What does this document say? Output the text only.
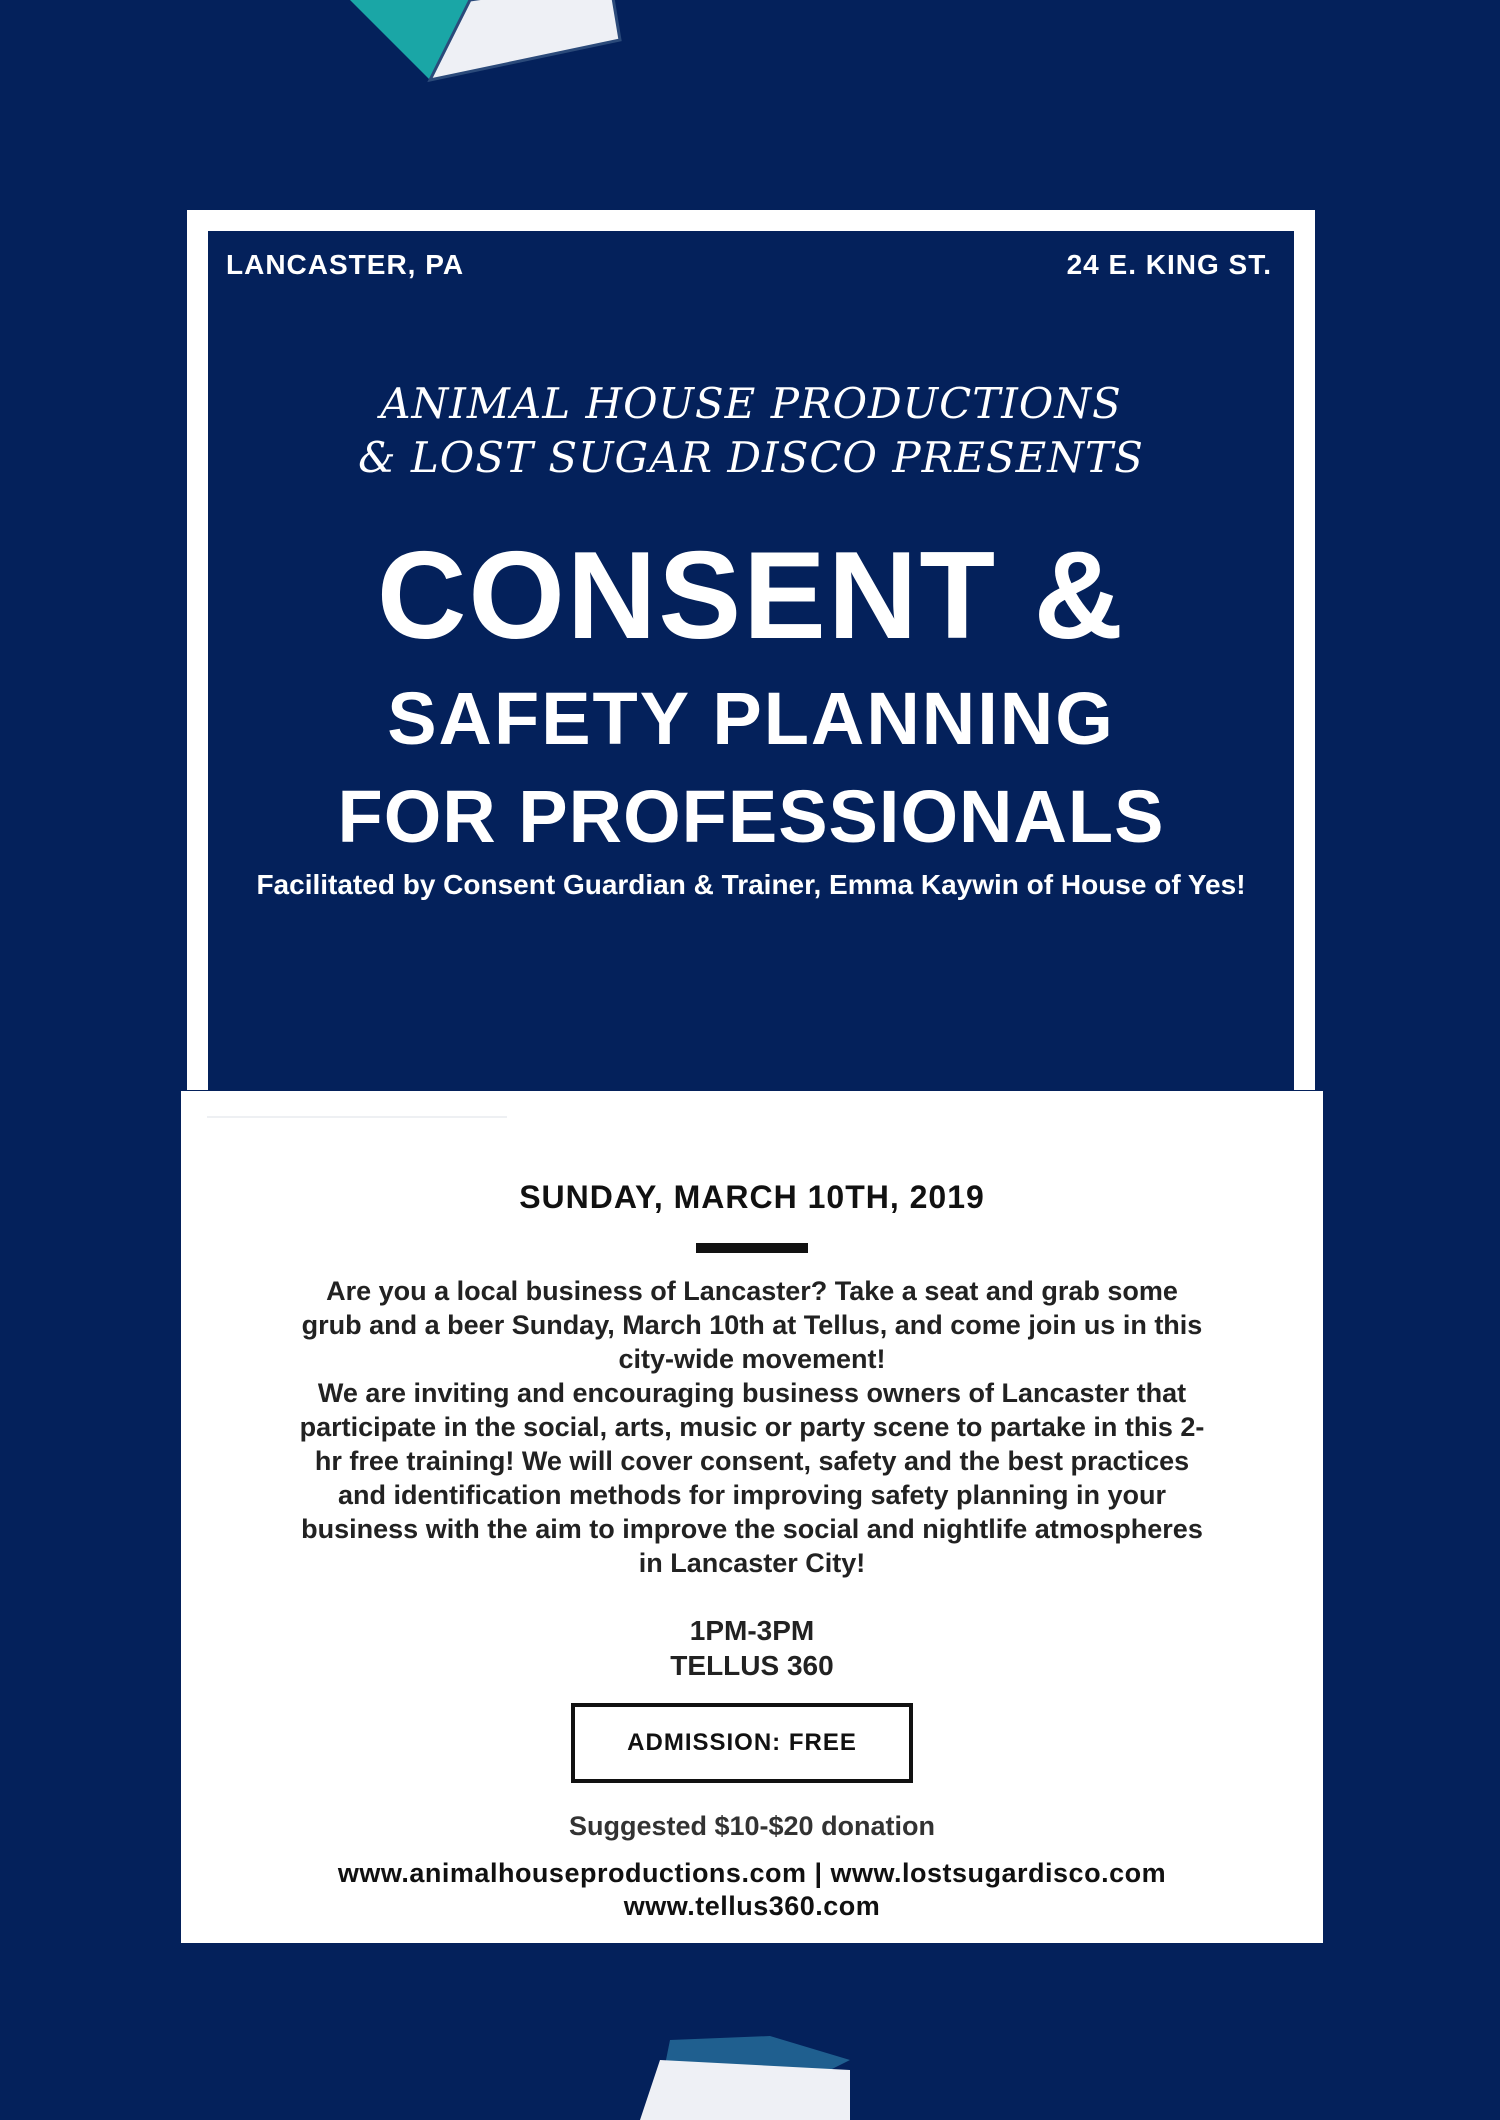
LANCASTER, PA	24 E. KING ST.
ANIMAL HOUSE PRODUCTIONS
& LOST SUGAR DISCO PRESENTS
CONSENT &
SAFETY PLANNING
FOR PROFESSIONALS
Facilitated by Consent Guardian & Trainer, Emma Kaywin of House of Yes!
SUNDAY, MARCH 10TH, 2019

Are you a local business of Lancaster? Take a seat and grab some grub and a beer Sunday, March 10th at Tellus, and come join us in this city-wide movement!

We are inviting and encouraging business owners of Lancaster that participate in the social, arts, music or party scene to partake in this 2-hr free training! We will cover consent, safety and the best practices and identification methods for improving safety planning in your business with the aim to improve the social and nightlife atmospheres in Lancaster City!

1PM-3PM
TELLUS 360
ADMISSION: FREE
Suggested $10-$20 donation
www.animalhouseproductions.com | www.lostsugardisco.com
www.tellus360.com
